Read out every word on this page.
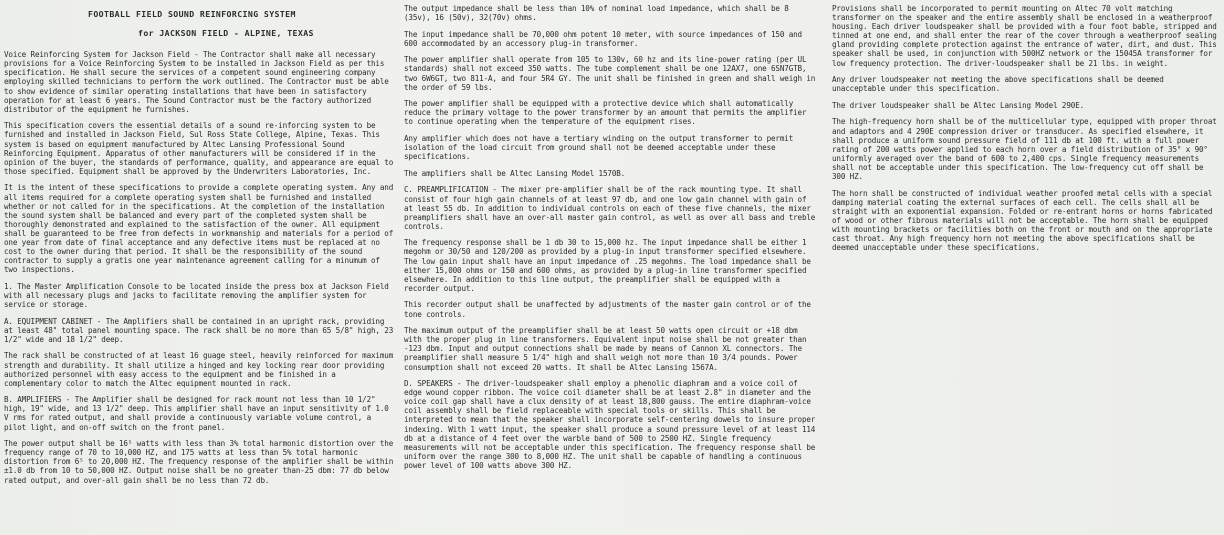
FOOTBALL FIELD SOUND REINFORCING SYSTEM
for JACKSON FIELD - ALPINE, TEXAS

Voice Reinforcing System for Jackson Field - The Contractor shall make all necessary provisions for a Voice Reinforcing System to be installed in Jackson Field as per this specification. He shall secure the services of a competent sound engineering company employing skilled technicians to perform the work outlined. The Contractor must be able to show evidence of similar operating installations that have been in satisfactory operation for at least 6 years. The Sound Contractor must be the factory authorized distributor of the equipment he furnishes.

This specification covers the essential details of a sound re-inforcing system to be furnished and installed in Jackson Field, Sul Ross State College, Alpine, Texas. This system is based on equipment manufactured by Altec Lansing Professional Sound Reinforcing Equipment. Apparatus of other manufacturers will be considered if in the opinion of the buyer, the standards of performance, quality, and appearance are equal to those specified. Equipment shall be approved by the Underwriters Laboratories, Inc.

It is the intent of these specifications to provide a complete operating system. Any and all items required for a complete operating system shall be furnished and installed whether or not called for in the specifications. At the completion of the installation the sound system shall be balanced and every part of the completed system shall be thoroughly demonstrated and explained to the satisfaction of the owner. All equipment shall be guaranteed to be free from defects in workmanship and materials for a period of one year from date of final acceptance and any defective items must be replaced at no cost to the owner during that period. It shall be the responsibility of the sound contractor to supply a gratis one year maintenance agreement calling for a minumum of two inspections.

1. The Master Amplification Console to be located inside the press box at Jackson Field with all necessary plugs and jacks to facilitate removing the amplifier system for service or storage.

A. EQUIPMENT CABINET - The Amplifiers shall be contained in an upright rack, providing at least 48" total panel mounting space. The rack shall be no more than 65 5/8" high, 23 1/2" wide and 18 1/2" deep.

The rack shall be constructed of at least 16 guage steel, heavily reinforced for maximum strength and durability. It shall utilize a hinged and key locking rear door providing authorized personnel with easy access to the equipment and be finished in a complementary color to match the Altec equipment mounted in rack.

B. AMPLIFIERS - The Amplifier shall be designed for rack mount not less than 10 1/2" high, 19" wide, and 13 1/2" deep. This amplifier shall have an input sensitivity of 1.0 V rms for rated output, and shall provide a continuously variable volume control, a pilot light, and on-off switch on the front panel.

The power output shall be 16⁵ watts with less than 3% total harmonic distortion over the frequency range of 70 to 10,000 HZ, and 175 watts at less than 5% total harmonic distortion from 6⁵ to 20,000 HZ. The frequency response of the amplifier shall be within ±1.0 db from 10 to 50,000 HZ. Output noise shall be no greater than-25 dbm: 77 db below rated output, and over-all gain shall be no less than 72 db.

The output impedance shall be less than 10% of nominal load impedance, which shall be 8 (35v), 16 (50v), 32(70v) ohms.

The input impedance shall be 70,000 ohm potent 10 meter, with source impedances of 150 and 600 accommodated by an accessory plug-in transformer.

The power amplifier shall operate from 105 to 130v, 60 hz and its line-power rating (per UL standards) shall not exceed 350 watts. The tube complement shall be one 12AX7, one 6SN7GTB, two 6W6GT, two 811-A, and four 5R4 GY. The unit shall be finished in green and shall weigh in the order of 59 lbs.

The power amplifier shall be equipped with a protective device which shall automatically reduce the primary voltage to the power transformer by an amount that permits the amplifier to continue operating when the temperature of the equipment rises.

Any amplifier which does not have a tertiary winding on the output transformer to permit isolation of the load circuit from ground shall not be deemed acceptable under these specifications.

The amplifiers shall be Altec Lansing Model 1570B.

C. PREAMPLIFICATION - The mixer pre-amplifier shall be of the rack mounting type. It shall consist of four high gain channels of at least 97 db, and one low gain channel with gain of at least 55 db. In addition to individual controls on each of these five channels, the mixer preamplifiers shall have an over-all master gain control, as well as over all bass and treble controls.

The frequency response shall be 1 db 30 to 15,000 hz. The input impedance shall be either 1 megohm or 30/50 and 120/200 as provided by a plug-in input transformer specified elsewhere. The low gain input shall have an input impedance of .25 megohms. The load impedance shall be either 15,000 ohms or 150 and 600 ohms, as provided by a plug-in line transformer specified elsewhere. In addition to this line output, the preamplifier shall be equipped with a recorder output.

This recorder output shall be unaffected by adjustments of the master gain control or of the tone controls.

The maximum output of the preamplifier shall be at least 50 watts open circuit or +18 dbm with the proper plug in line transformers. Equivalent input noise shall be not greater than -123 dbm. Input and output connections shall be made by means of Cannon XL connectors. The preamplifier shall measure 5 1/4" high and shall weigh not more than 10 3/4 pounds. Power consumption shall not exceed 20 watts. It shall be Altec Lansing 1567A.

D. SPEAKERS - The driver-loudspeaker shall employ a phenolic diaphram and a voice coil of edge wound copper ribbon. The voice coil diameter shall be at least 2.8" in diameter and the voice coil gap shall have a clux density of at least 18,800 gauss. The entire diaphram-voice coil assembly shall be field replaceable with special tools or skills. This shall be interpreted to mean that the speaker shall incorporate self-centering dowels to insure proper indexing. With 1 watt input, the speaker shall produce a sound pressure level of at least 114 db at a distance of 4 feet over the warble band of 500 to 2500 HZ. Single frequency measurements will not be acceptable under this specification. The frequency response shall be uniform over the range 300 to 8,000 HZ. The unit shall be capable of handling a continuous power level of 100 watts above 300 HZ.

Provisions shall be incorporated to permit mounting on Altec 70 volt matching transformer on the speaker and the entire assembly shall be enclosed in a weatherproof housing. Each driver loudspeaker shall be provided with a four foot bable, stripped and tinned at one end, and shall enter the rear of the cover through a weatherproof sealing gland providing complete protection against the entrance of water, dirt, and dust. This speaker shall be used, in conjunction with 500HZ network or the 15045A transformer for low frequency protection. The driver-loudspeaker shall be 21 lbs. in weight.

Any driver loudspeaker not meeting the above specifications shall be deemed unacceptable under this specification.

The driver loudspeaker shall be Altec Lansing Model 290E.

The high-frequency horn shall be of the multicellular type, equipped with proper throat and adaptors and 4 290E compression driver or transducer. As specified elsewhere, it shall produce a uniform sound pressure field of 111 db at 100 ft. with a full power rating of 200 watts power applied to each horn over a field distribution of 35° x 90° uniformly averaged over the band of 600 to 2,400 cps. Single frequency measurements shall not be acceptable under this specification. The low-frequency cut off shall be 300 HZ.

The horn shall be constructed of individual weather proofed metal cells with a special damping material coating the external surfaces of each cell. The cells shall all be straight with an exponential expansion. Folded or re-entrant horns or horns fabricated of wood or other fibrous materials will not be acceptable. The horn shall be equipped with mounting brackets or facilities both on the front or mouth and on the appropriate cast throat. Any high frequency horn not meeting the above specifications shall be deemed unacceptable under these specifications.
